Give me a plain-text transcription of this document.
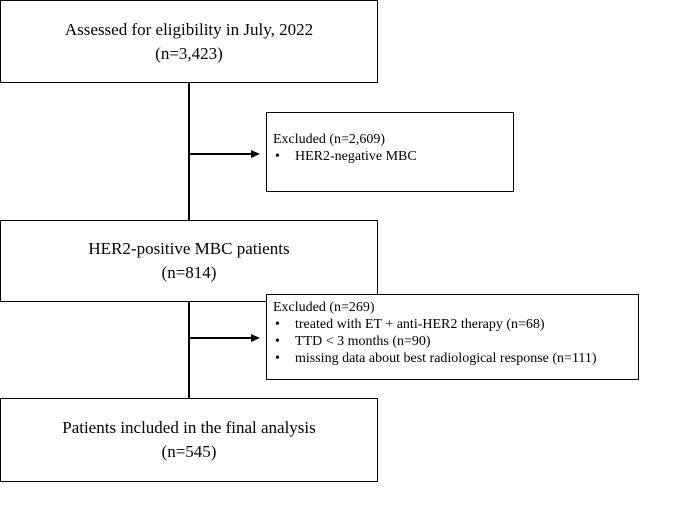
Assessed for eligibility in July, 2022
(n=3,423)
Excluded (n=2,609)
• HER2-negative MBC
HER2-positive MBC patients
(n=814)
Excluded (n=269)
• treated with ET + anti-HER2 therapy (n=68)
• TTD < 3 months (n=90)
• missing data about best radiological response (n=111)
Patients included in the final analysis
(n=545)
